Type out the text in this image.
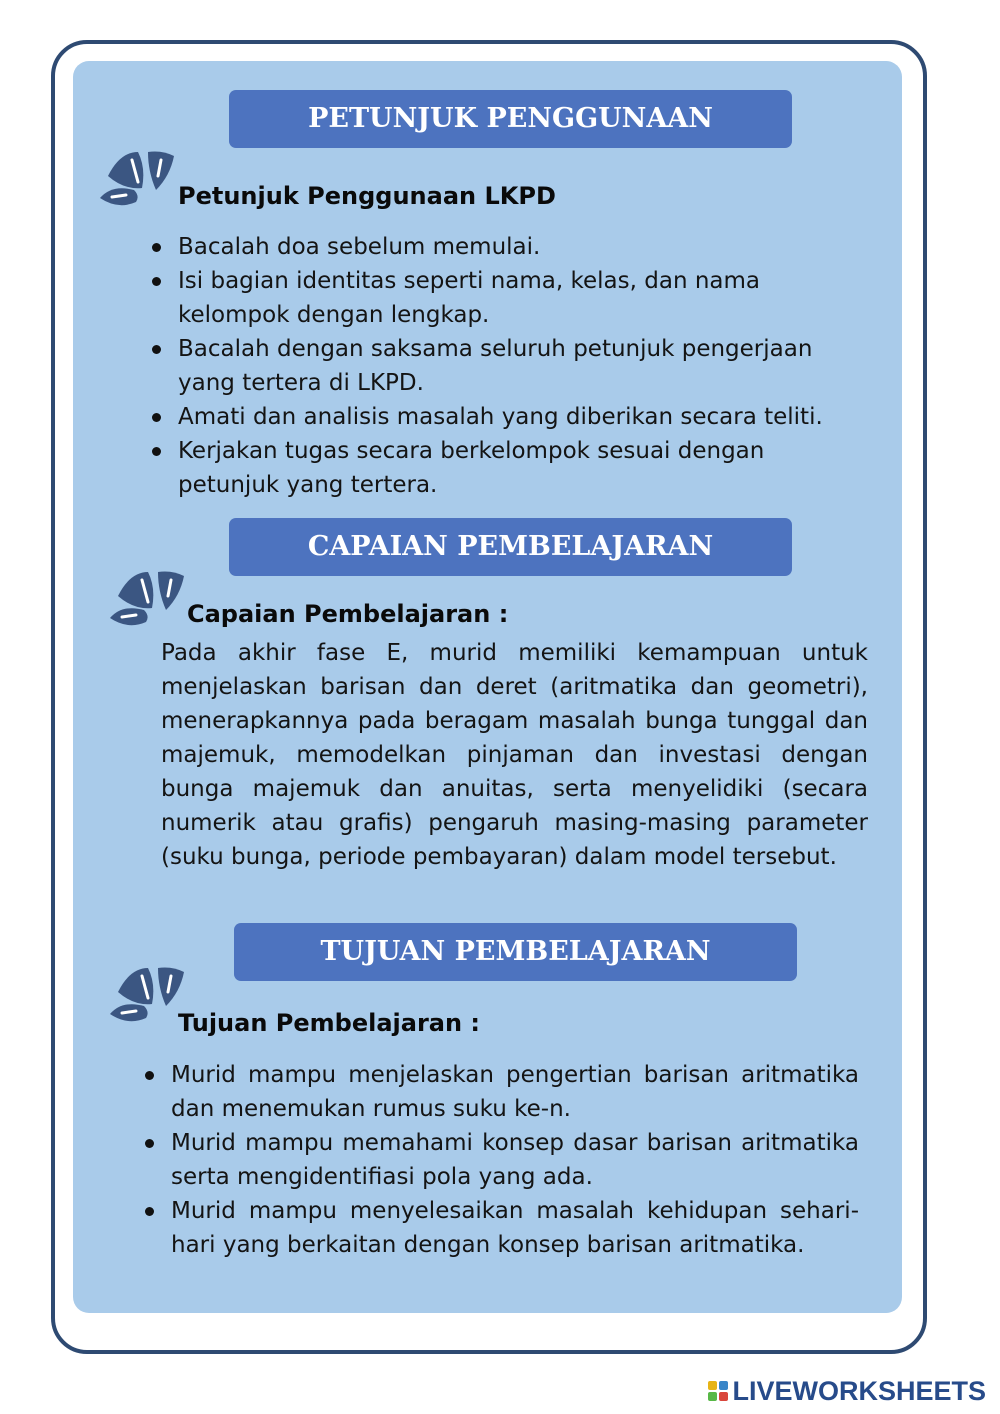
PETUNJUK PENGGUNAAN
Petunjuk Penggunaan LKPD
Bacalah doa sebelum memulai.
Isi bagian identitas seperti nama, kelas, dan nama kelompok dengan lengkap.
Bacalah dengan saksama seluruh petunjuk pengerjaan yang tertera di LKPD.
Amati dan analisis masalah yang diberikan secara teliti.
Kerjakan tugas secara berkelompok sesuai dengan petunjuk yang tertera.
CAPAIAN PEMBELAJARAN
Capaian Pembelajaran :
Pada akhir fase E, murid memiliki kemampuan untuk menjelaskan barisan dan deret (aritmatika dan geometri), menerapkannya pada beragam masalah bunga tunggal dan majemuk, memodelkan pinjaman dan investasi dengan bunga majemuk dan anuitas, serta menyelidiki (secara numerik atau grafis) pengaruh masing-masing parameter (suku bunga, periode pembayaran) dalam model tersebut.
TUJUAN PEMBELAJARAN
Tujuan Pembelajaran :
Murid mampu menjelaskan pengertian barisan aritmatika dan menemukan rumus suku ke-n.
Murid mampu memahami konsep dasar barisan aritmatika serta mengidentifiasi pola yang ada.
Murid mampu menyelesaikan masalah kehidupan sehari-hari yang berkaitan dengan konsep barisan aritmatika.
LIVEWORKSHEETS
